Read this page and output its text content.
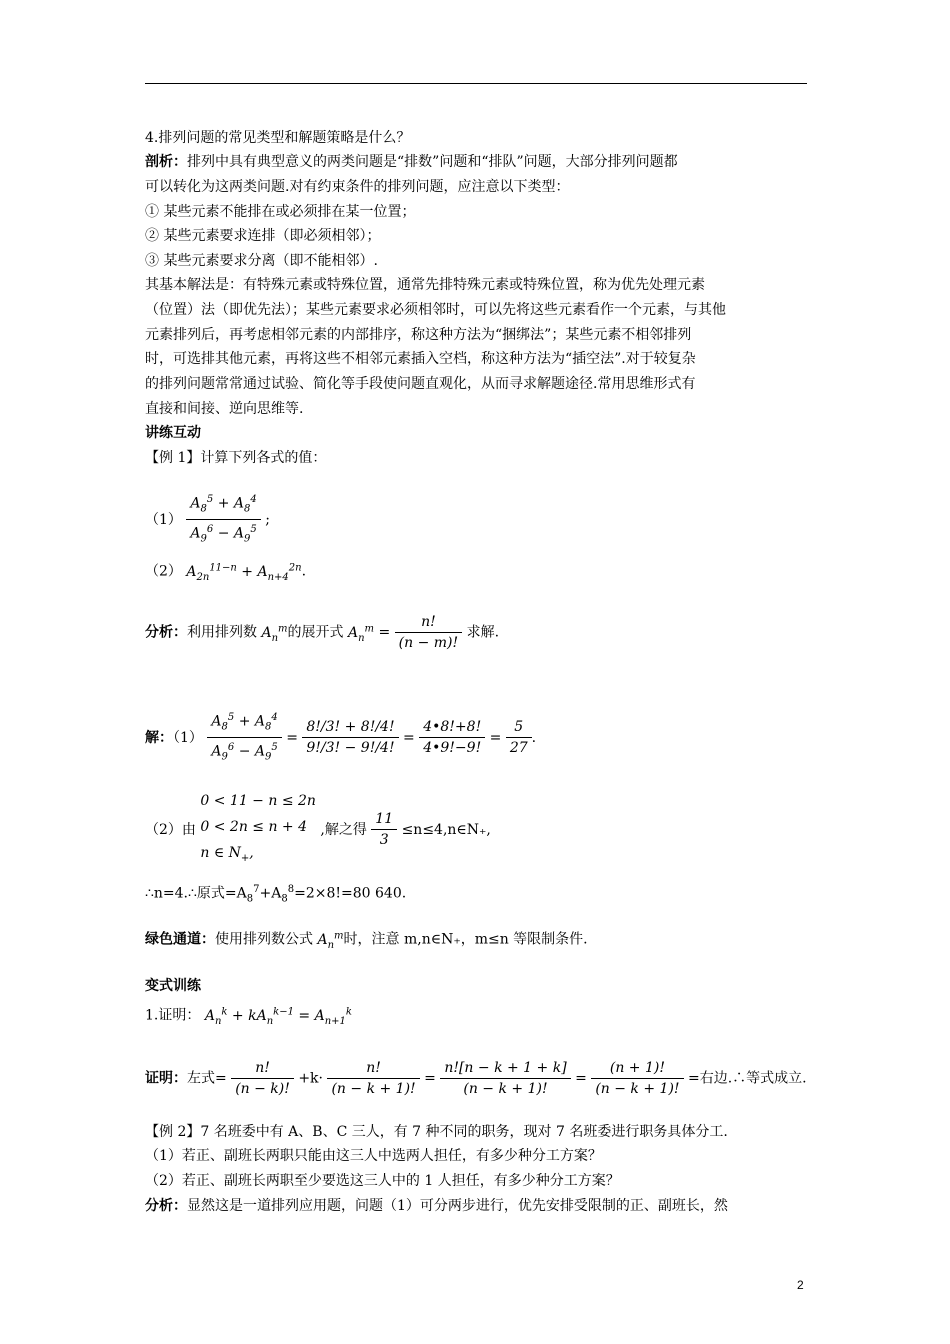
4.排列问题的常见类型和解题策略是什么？
剖析：排列中具有典型意义的两类问题是“排数”问题和“排队”问题，大部分排列问题都
可以转化为这两类问题.对有约束条件的排列问题，应注意以下类型：
① 某些元素不能排在或必须排在某一位置；
② 某些元素要求连排（即必须相邻）；
③ 某些元素要求分离（即不能相邻）.
其基本解法是：有特殊元素或特殊位置，通常先排特殊元素或特殊位置，称为优先处理元素
（位置）法（即优先法）；某些元素要求必须相邻时，可以先将这些元素看作一个元素，与其他
元素排列后，再考虑相邻元素的内部排序，称这种方法为“捆绑法”；某些元素不相邻排列
时，可选排其他元素，再将这些不相邻元素插入空档，称这种方法为“插空法”.对于较复杂
的排列问题常常通过试验、简化等手段使问题直观化，从而寻求解题途径.常用思维形式有
直接和间接、逆向思维等.
讲练互动
【例 1】计算下列各式的值：
$(1) \frac{A_8^5 + A_8^4}{A_9^6 - A_9^5}$ ;
（2） $A_{2n}^{11-n} + A_{n+4}^{2n}$.
分析：利用排列数 $A_n^m$的展开式 $A_n^m = \frac{n!}{(n - m)!}$ 求解.
解：$(1) \frac{A_8^5 + A_8^4}{A_9^6 - A_9^5} = \frac{8!/3! + 8!/4!}{9!/3! - 9!/4!} = \frac{4•8!+8!}{4•9!-9!} = \frac{5}{27}$ .
（2）由
0 < 11 − n ≤ 2n
0 < 2n ≤ n + 4
n ∈ $N_+$,
,解之得 $\frac{11}{3}$ ≤n≤4,n∈N₊,
∴n=4.∴原式$=A_8^7+A_8^8=2\times 8!=80$ 640.
绿色通道：使用排列数公式 $A_n^m$时，注意 m,n∈N₊，m≤n 等限制条件.
变式训练
1.证明： $A_n^k + kA_n^{k-1} = A_{n+1}^k$
证明：左式= $\frac{n!}{(n - k)!} +k\cdot \frac{n!}{(n - k + 1)!} = \frac{n![n - k + 1 + k]}{(n - k + 1)!} = \frac{(n + 1)!}{(n - k + 1)!}$ =右边.∴等式成立.
【例 2】7 名班委中有 A、B、C 三人，有 7 种不同的职务，现对 7 名班委进行职务具体分工.
（1）若正、副班长两职只能由这三人中选两人担任，有多少种分工方案？
（2）若正、副班长两职至少要选这三人中的 1 人担任，有多少种分工方案？
分析：显然这是一道排列应用题，问题（1）可分两步进行，优先安排受限制的正、副班长，然
2
